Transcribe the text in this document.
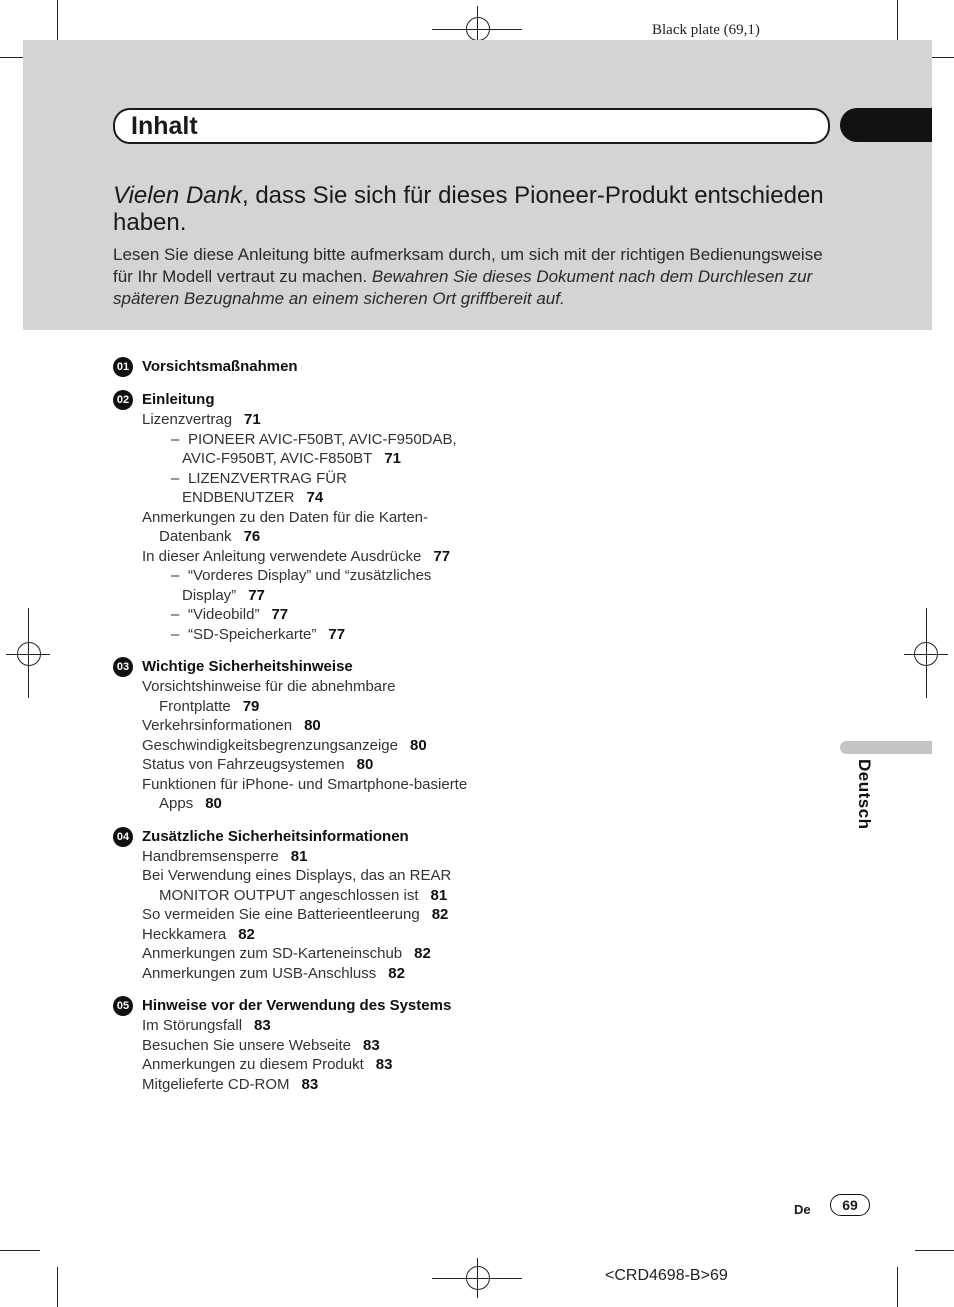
Black plate (69,1)
Inhalt
Vielen Dank, dass Sie sich für dieses Pioneer-Produkt entschieden haben.
Lesen Sie diese Anleitung bitte aufmerksam durch, um sich mit der richtigen Bedienungsweise für Ihr Modell vertraut zu machen. Bewahren Sie dieses Dokument nach dem Durchlesen zur späteren Bezugnahme an einem sicheren Ort griffbereit auf.
01 Vorsichtsmaßnahmen
02 Einleitung
Lizenzvertrag 71
– PIONEER AVIC-F50BT, AVIC-F950DAB, AVIC-F950BT, AVIC-F850BT 71
– LIZENZVERTRAG FÜR ENDBENUTZER 74
Anmerkungen zu den Daten für die Karten-Datenbank 76
In dieser Anleitung verwendete Ausdrücke 77
– “Vorderes Display” und “zusätzliches Display” 77
– “Videobild” 77
– “SD-Speicherkarte” 77
03 Wichtige Sicherheitshinweise
Vorsichtshinweise für die abnehmbare Frontplatte 79
Verkehrsinformationen 80
Geschwindigkeitsbegrenzungsanzeige 80
Status von Fahrzeugsystemen 80
Funktionen für iPhone- und Smartphone-basierte Apps 80
04 Zusätzliche Sicherheitsinformationen
Handbremsensperre 81
Bei Verwendung eines Displays, das an REAR MONITOR OUTPUT angeschlossen ist 81
So vermeiden Sie eine Batterieentleerung 82
Heckkamera 82
Anmerkungen zum SD-Karteneinschub 82
Anmerkungen zum USB-Anschluss 82
05 Hinweise vor der Verwendung des Systems
Im Störungsfall 83
Besuchen Sie unsere Webseite 83
Anmerkungen zu diesem Produkt 83
Mitgelieferte CD-ROM 83
Deutsch
De	69
<CRD4698-B>69
